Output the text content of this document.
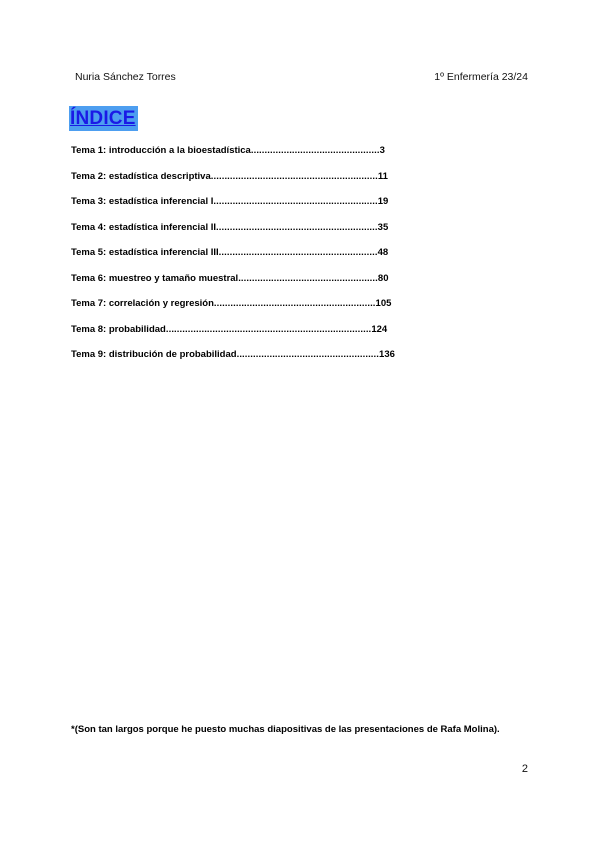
Nuria Sánchez Torres	1º Enfermería 23/24
ÍNDICE
Tema 1: introducción a la bioestadística ............................................... 3
Tema 2: estadística descriptiva ............................................................. 11
Tema 3: estadística inferencial I ............................................................ 19
Tema 4: estadística inferencial II ........................................................... 35
Tema 5: estadística inferencial III .......................................................... 48
Tema 6: muestreo y tamaño muestral ................................................... 80
Tema 7: correlación y regresión ........................................................... 105
Tema 8: probabilidad ........................................................................... 124
Tema 9: distribución de probabilidad .................................................... 136
*(Son tan largos porque he puesto muchas diapositivas de las presentaciones de Rafa Molina).
2
